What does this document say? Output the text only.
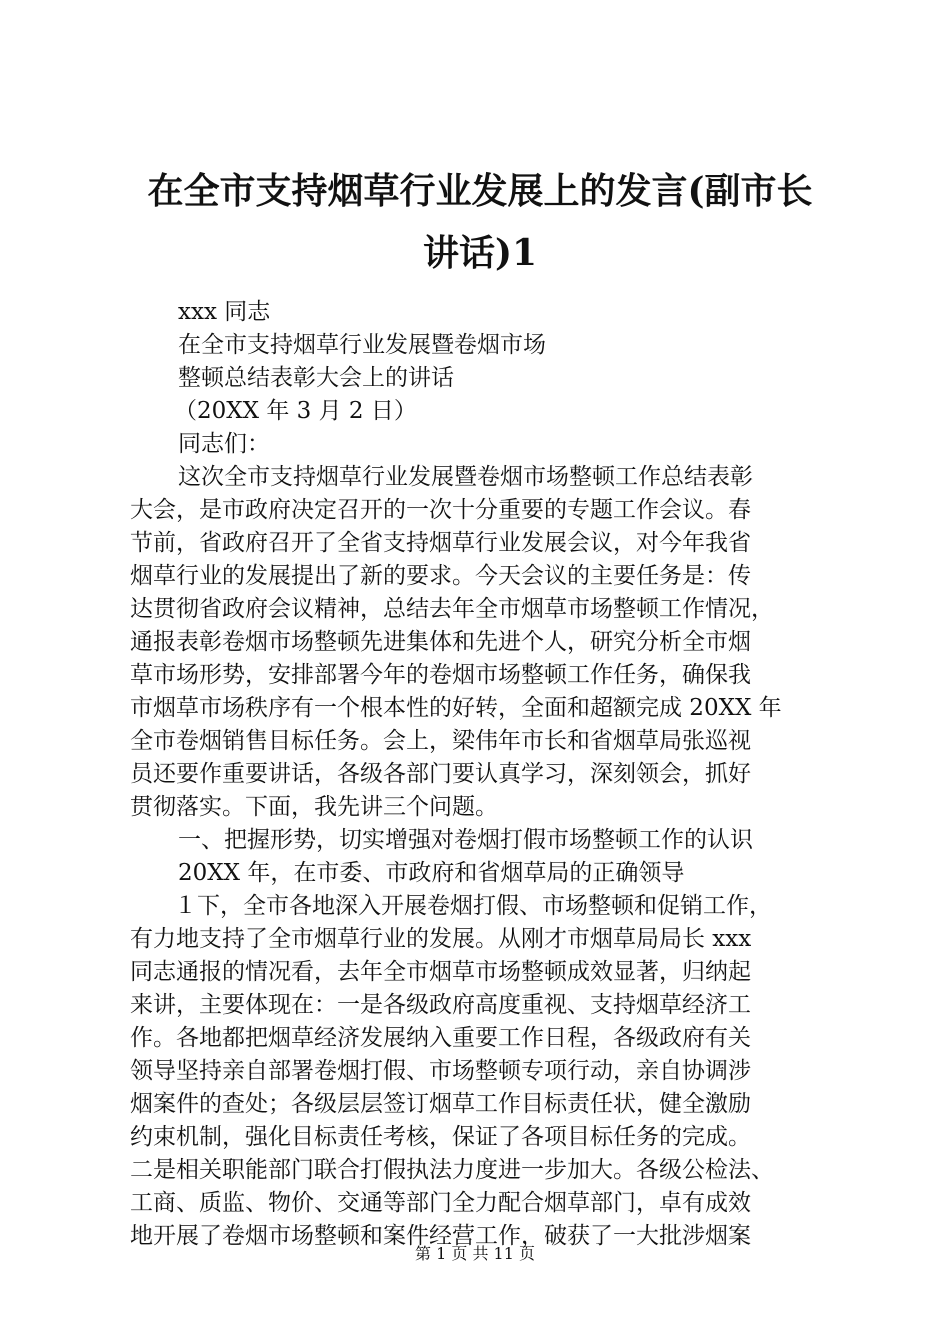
在全市支持烟草行业发展上的发言(副市长讲话)1

xxx 同志

在全市支持烟草行业发展暨卷烟市场

整顿总结表彰大会上的讲话

（20XX 年 3 月 2 日）

同志们：

这次全市支持烟草行业发展暨卷烟市场整顿工作总结表彰

大会，是市政府决定召开的一次十分重要的专题工作会议。春

节前，省政府召开了全省支持烟草行业发展会议，对今年我省

烟草行业的发展提出了新的要求。今天会议的主要任务是：传

达贯彻省政府会议精神，总结去年全市烟草市场整顿工作情况，

通报表彰卷烟市场整顿先进集体和先进个人，研究分析全市烟

草市场形势，安排部署今年的卷烟市场整顿工作任务，确保我

市烟草市场秩序有一个根本性的好转，全面和超额完成 20XX 年

全市卷烟销售目标任务。会上，梁伟年市长和省烟草局张巡视

员还要作重要讲话，各级各部门要认真学习，深刻领会，抓好

贯彻落实。下面，我先讲三个问题。

一、把握形势，切实增强对卷烟打假市场整顿工作的认识

20XX 年，在市委、市政府和省烟草局的正确领导

１下，全市各地深入开展卷烟打假、市场整顿和促销工作，

有力地支持了全市烟草行业的发展。从刚才市烟草局局长 xxx

同志通报的情况看，去年全市烟草市场整顿成效显著，归纳起

来讲，主要体现在：一是各级政府高度重视、支持烟草经济工

作。各地都把烟草经济发展纳入重要工作日程，各级政府有关

领导坚持亲自部署卷烟打假、市场整顿专项行动，亲自协调涉

烟案件的查处；各级层层签订烟草工作目标责任状，健全激励

约束机制，强化目标责任考核，保证了各项目标任务的完成。

二是相关职能部门联合打假执法力度进一步加大。各级公检法、

工商、质监、物价、交通等部门全力配合烟草部门，卓有成效

地开展了卷烟市场整顿和案件经营工作，破获了一大批涉烟案

第 1 页 共 11 页
